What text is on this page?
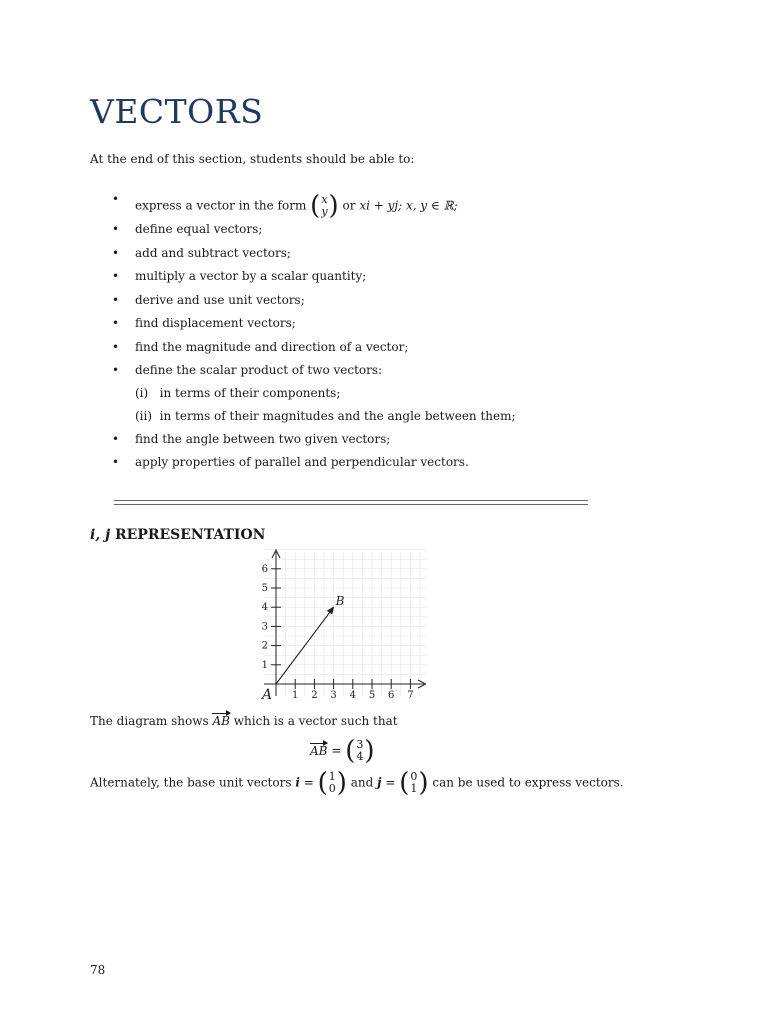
VECTORS
At the end of this section, students should be able to:
• express a vector in the form (x
y) or xi + yj; x, y ∈ ℝ;
• define equal vectors;
• add and subtract vectors;
• multiply a vector by a scalar quantity;
• derive and use unit vectors;
• find displacement vectors;
• find the magnitude and direction of a vector;
• define the scalar product of two vectors:
(i)   in terms of their components;
(ii)  in terms of their magnitudes and the angle between them;
• find the angle between two given vectors;
• apply properties of parallel and perpendicular vectors.
i, j REPRESENTATION
1 2 3 4 5 6 7
1
2
3
4
5
6
A
B
The diagram shows AB which is a vector such that
AB = (3
4)
Alternately, the base unit vectors i = (1
0) and j = (0
1) can be used to express vectors.
78
